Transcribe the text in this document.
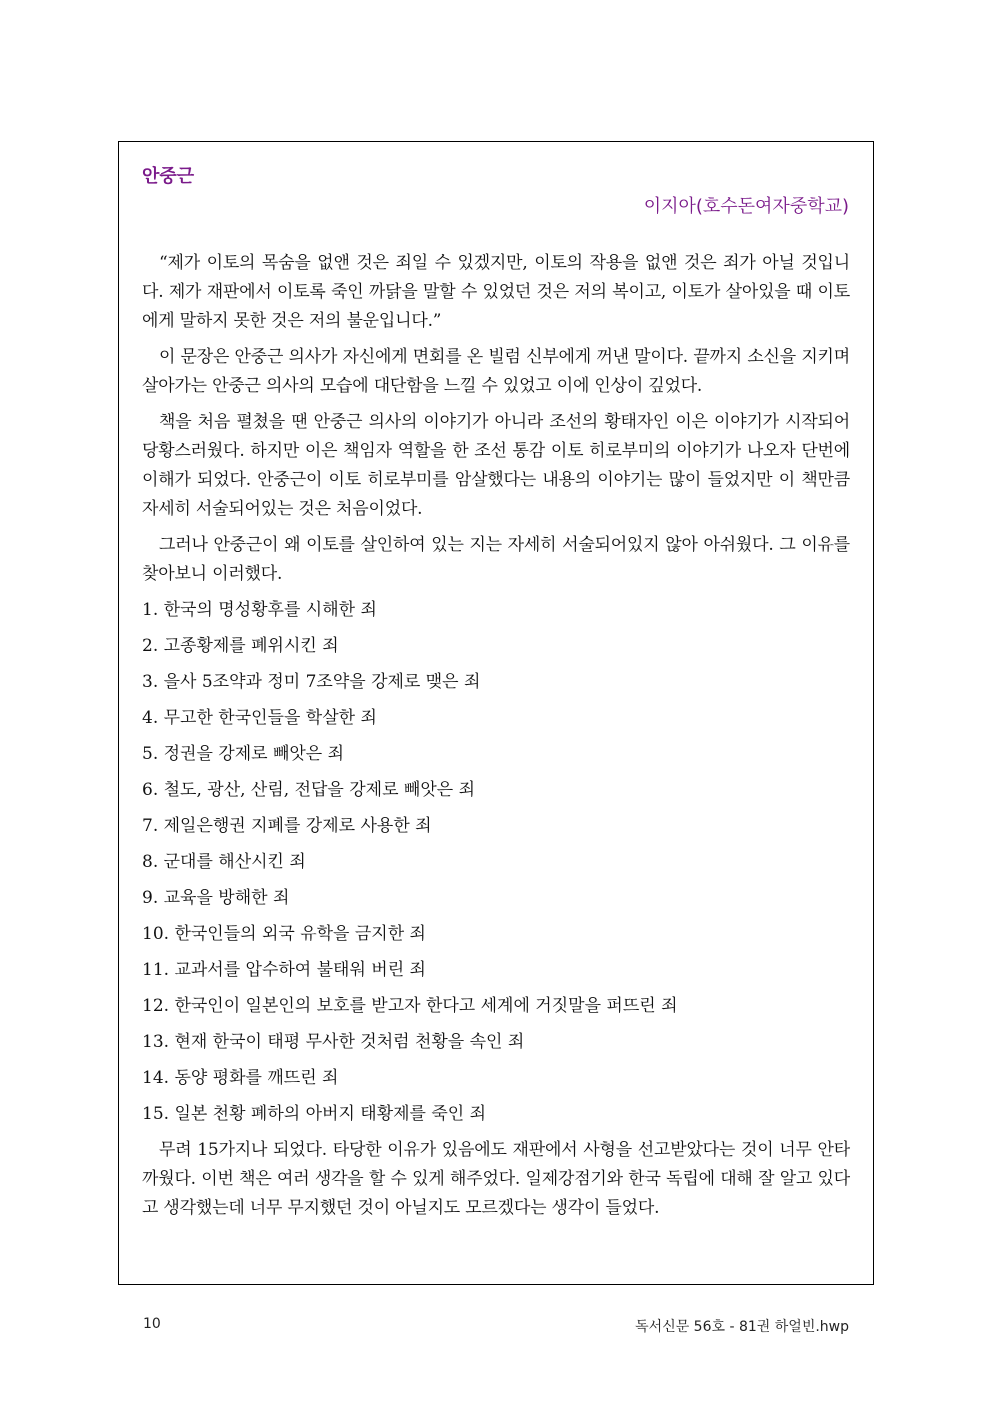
안중근
이지아(호수돈여자중학교)

“제가 이토의 목숨을 없앤 것은 죄일 수 있겠지만, 이토의 작용을 없앤 것은 죄가 아닐 것입니다. 제가 재판에서 이토록 죽인 까닭을 말할 수 있었던 것은 저의 복이고, 이토가 살아있을 때 이토에게 말하지 못한 것은 저의 불운입니다.”

이 문장은 안중근 의사가 자신에게 면회를 온 빌럼 신부에게 꺼낸 말이다. 끝까지 소신을 지키며 살아가는 안중근 의사의 모습에 대단함을 느낄 수 있었고 이에 인상이 깊었다.

책을 처음 펼쳤을 땐 안중근 의사의 이야기가 아니라 조선의 황태자인 이은 이야기가 시작되어 당황스러웠다. 하지만 이은 책임자 역할을 한 조선 통감 이토 히로부미의 이야기가 나오자 단번에 이해가 되었다. 안중근이 이토 히로부미를 암살했다는 내용의 이야기는 많이 들었지만 이 책만큼 자세히 서술되어있는 것은 처음이었다.

그러나 안중근이 왜 이토를 살인하여 있는 지는 자세히 서술되어있지 않아 아쉬웠다. 그 이유를 찾아보니 이러했다.

1. 한국의 명성황후를 시해한 죄
2. 고종황제를 폐위시킨 죄
3. 을사 5조약과 정미 7조약을 강제로 맺은 죄
4. 무고한 한국인들을 학살한 죄
5. 정권을 강제로 빼앗은 죄
6. 철도, 광산, 산림, 전답을 강제로 빼앗은 죄
7. 제일은행권 지폐를 강제로 사용한 죄
8. 군대를 해산시킨 죄
9. 교육을 방해한 죄
10. 한국인들의 외국 유학을 금지한 죄
11. 교과서를 압수하여 불태워 버린 죄
12. 한국인이 일본인의 보호를 받고자 한다고 세계에 거짓말을 퍼뜨린 죄
13. 현재 한국이 태평 무사한 것처럼 천황을 속인 죄
14. 동양 평화를 깨뜨린 죄
15. 일본 천황 폐하의 아버지 태황제를 죽인 죄

무려 15가지나 되었다. 타당한 이유가 있음에도 재판에서 사형을 선고받았다는 것이 너무 안타까웠다. 이번 책은 여러 생각을 할 수 있게 해주었다. 일제강점기와 한국 독립에 대해 잘 알고 있다고 생각했는데 너무 무지했던 것이 아닐지도 모르겠다는 생각이 들었다.

10	독서신문 56호 - 81권 하얼빈.hwp
